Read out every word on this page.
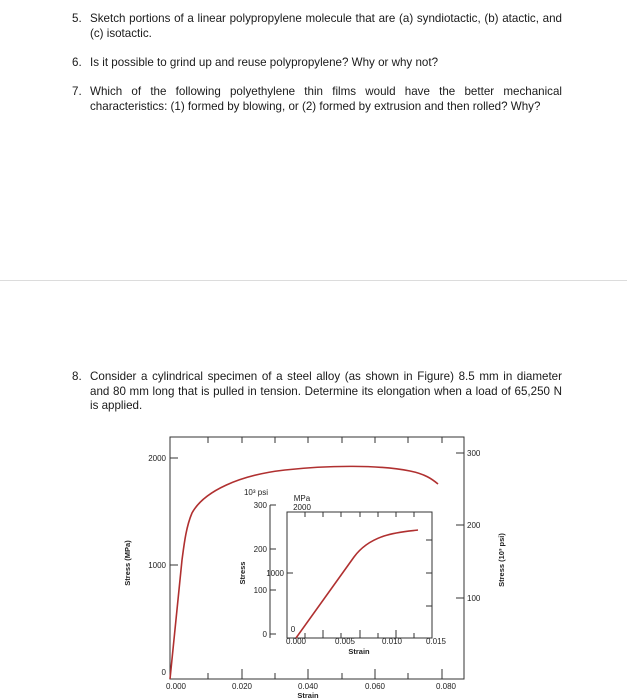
5. Sketch portions of a linear polypropylene molecule that are (a) syndiotactic, (b) atactic, and (c) isotactic.
6. Is it possible to grind up and reuse polypropylene? Why or why not?
7. Which of the following polyethylene thin films would have the better mechanical characteristics: (1) formed by blowing, or (2) formed by extrusion and then rolled? Why?
8. Consider a cylindrical specimen of a steel alloy (as shown in Figure) 8.5 mm in diameter and 80 mm long that is pulled in tension. Determine its elongation when a load of 65,250 N is applied.
2000
1000
0
Stress (MPa)
300
200
100
Stress (10³ psi)
0.000	0.020	0.040	0.060	0.080
Strain
10³ psi
300
200
100
0
Stress
MPa
2000
1000
0
0.000	0.005	0.010	0.015
Strain
